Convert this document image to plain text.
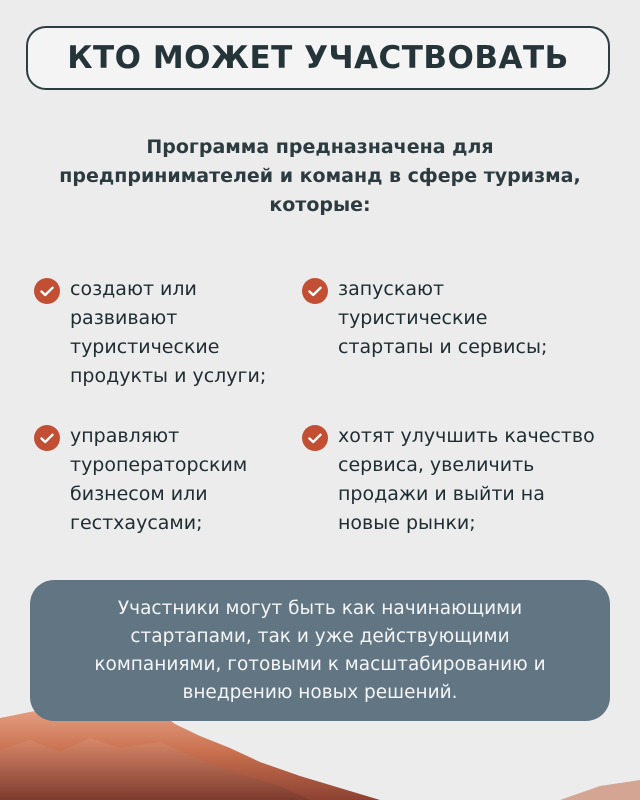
КТО МОЖЕТ УЧАСТВОВАТЬ
Программа предназначена для
предпринимателей и команд в сфере туризма,
которые:
создают или
развивают
туристические
продукты и услуги;
запускают
туристические
стартапы и сервисы;
управляют
туроператорским
бизнесом или
гестхаусами;
хотят улучшить качество
сервиса, увеличить
продажи и выйти на
новые рынки;
Участники могут быть как начинающими
стартапами, так и уже действующими
компаниями, готовыми к масштабированию и
внедрению новых решений.
